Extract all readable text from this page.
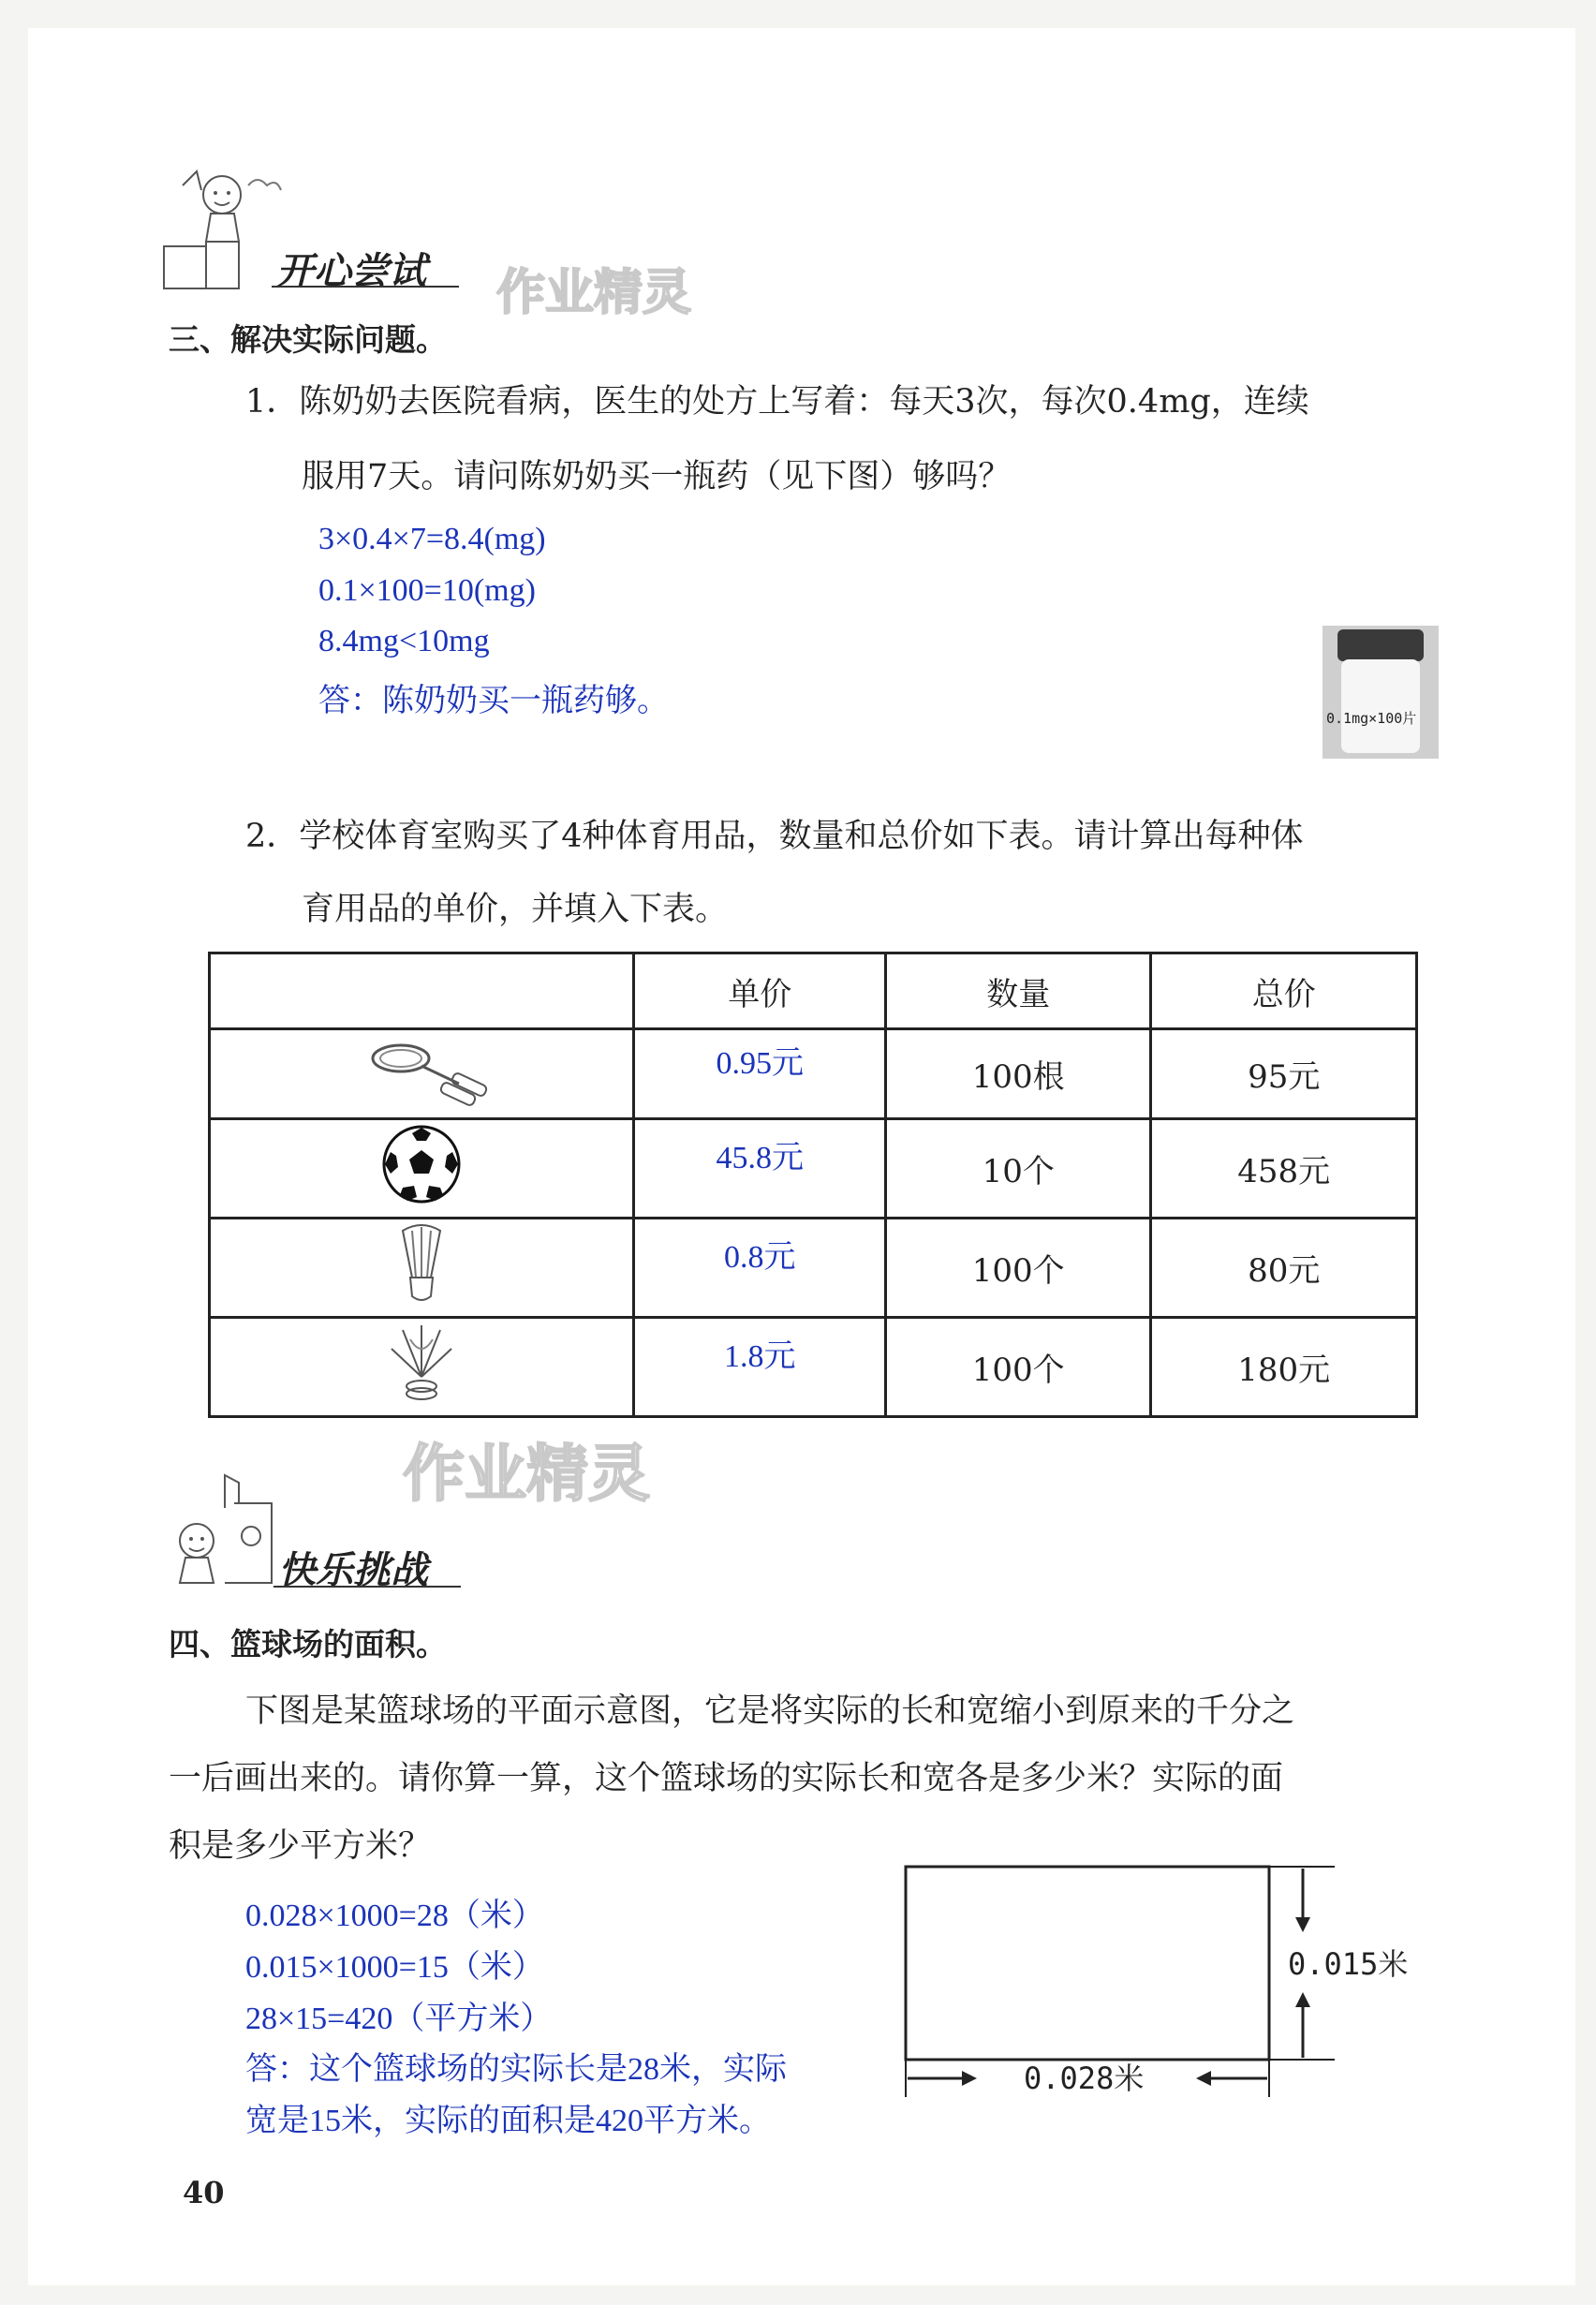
开心尝试 作业精灵
三、解决实际问题。
1．陈奶奶去医院看病，医生的处方上写着：每天3次，每次0.4mg，连续
服用7天。请问陈奶奶买一瓶药（见下图）够吗？
3×0.4×7=8.4(mg)
0.1×100=10(mg)
8.4mg<10mg
答：陈奶奶买一瓶药够。	0.1mg×100片
2．学校体育室购买了4种体育用品，数量和总价如下表。请计算出每种体
育用品的单价，并填入下表。
	单价	数量	总价

0.95元	100根	95元

45.8元	10个	458元

0.8元	100个	80元

1.8元	100个	180元
作业精灵
快乐挑战
四、篮球场的面积。
下图是某篮球场的平面示意图，它是将实际的长和宽缩小到原来的千分之
一后画出来的。请你算一算，这个篮球场的实际长和宽各是多少米？实际的面
积是多少平方米？
0.028×1000=28（米）
0.015×1000=15（米）
28×15=420（平方米）
答：这个篮球场的实际长是28米，实际
宽是15米，实际的面积是420平方米。
0.015米
0.028米
40
